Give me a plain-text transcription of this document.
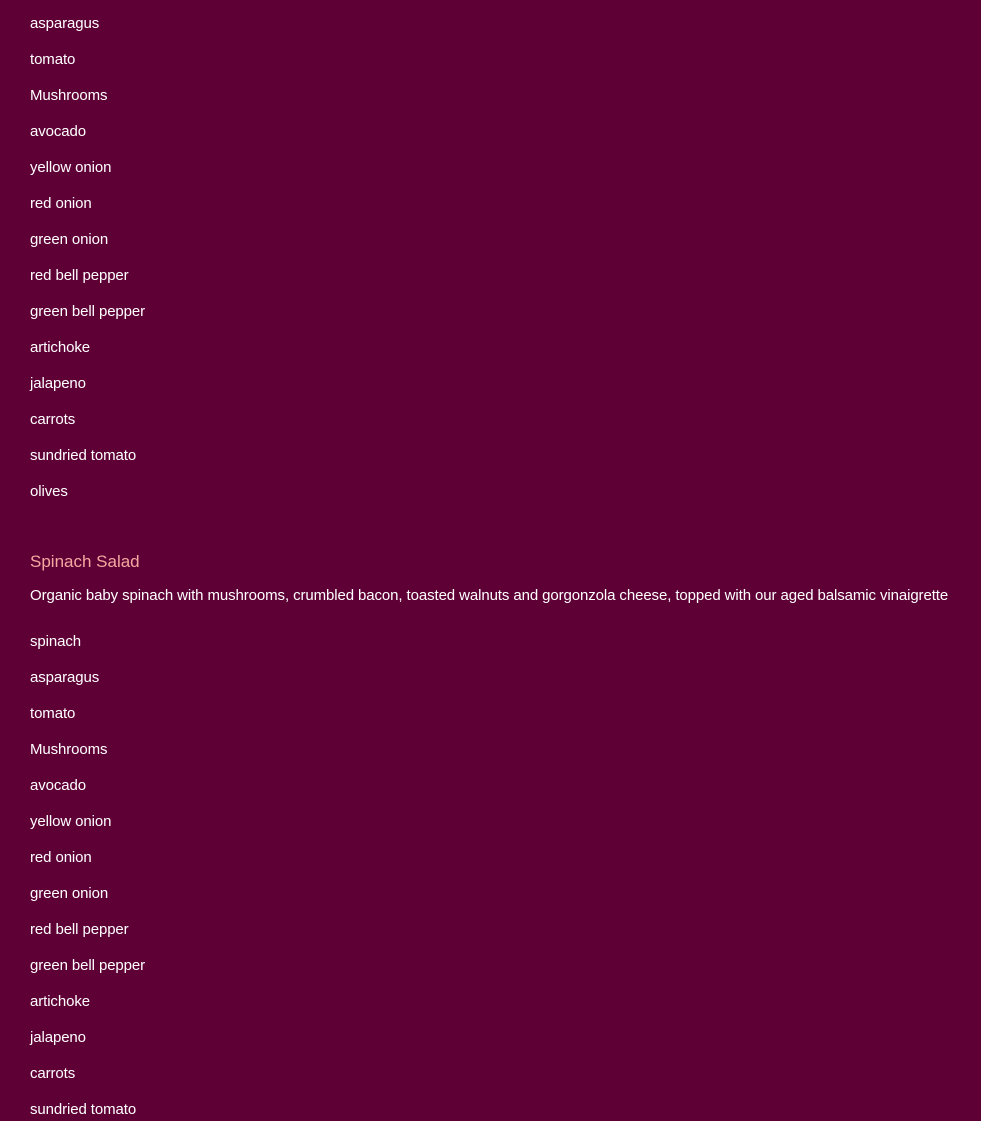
asparagus
tomato
Mushrooms
avocado
yellow onion
red onion
green onion
red bell pepper
green bell pepper
artichoke
jalapeno
carrots
sundried tomato
olives
Spinach Salad

Organic baby spinach with mushrooms, crumbled bacon, toasted walnuts and gorgonzola cheese, topped with our aged balsamic vinaigrette

spinach
asparagus
tomato
Mushrooms
avocado
yellow onion
red onion
green onion
red bell pepper
green bell pepper
artichoke
jalapeno
carrots
sundried tomato
